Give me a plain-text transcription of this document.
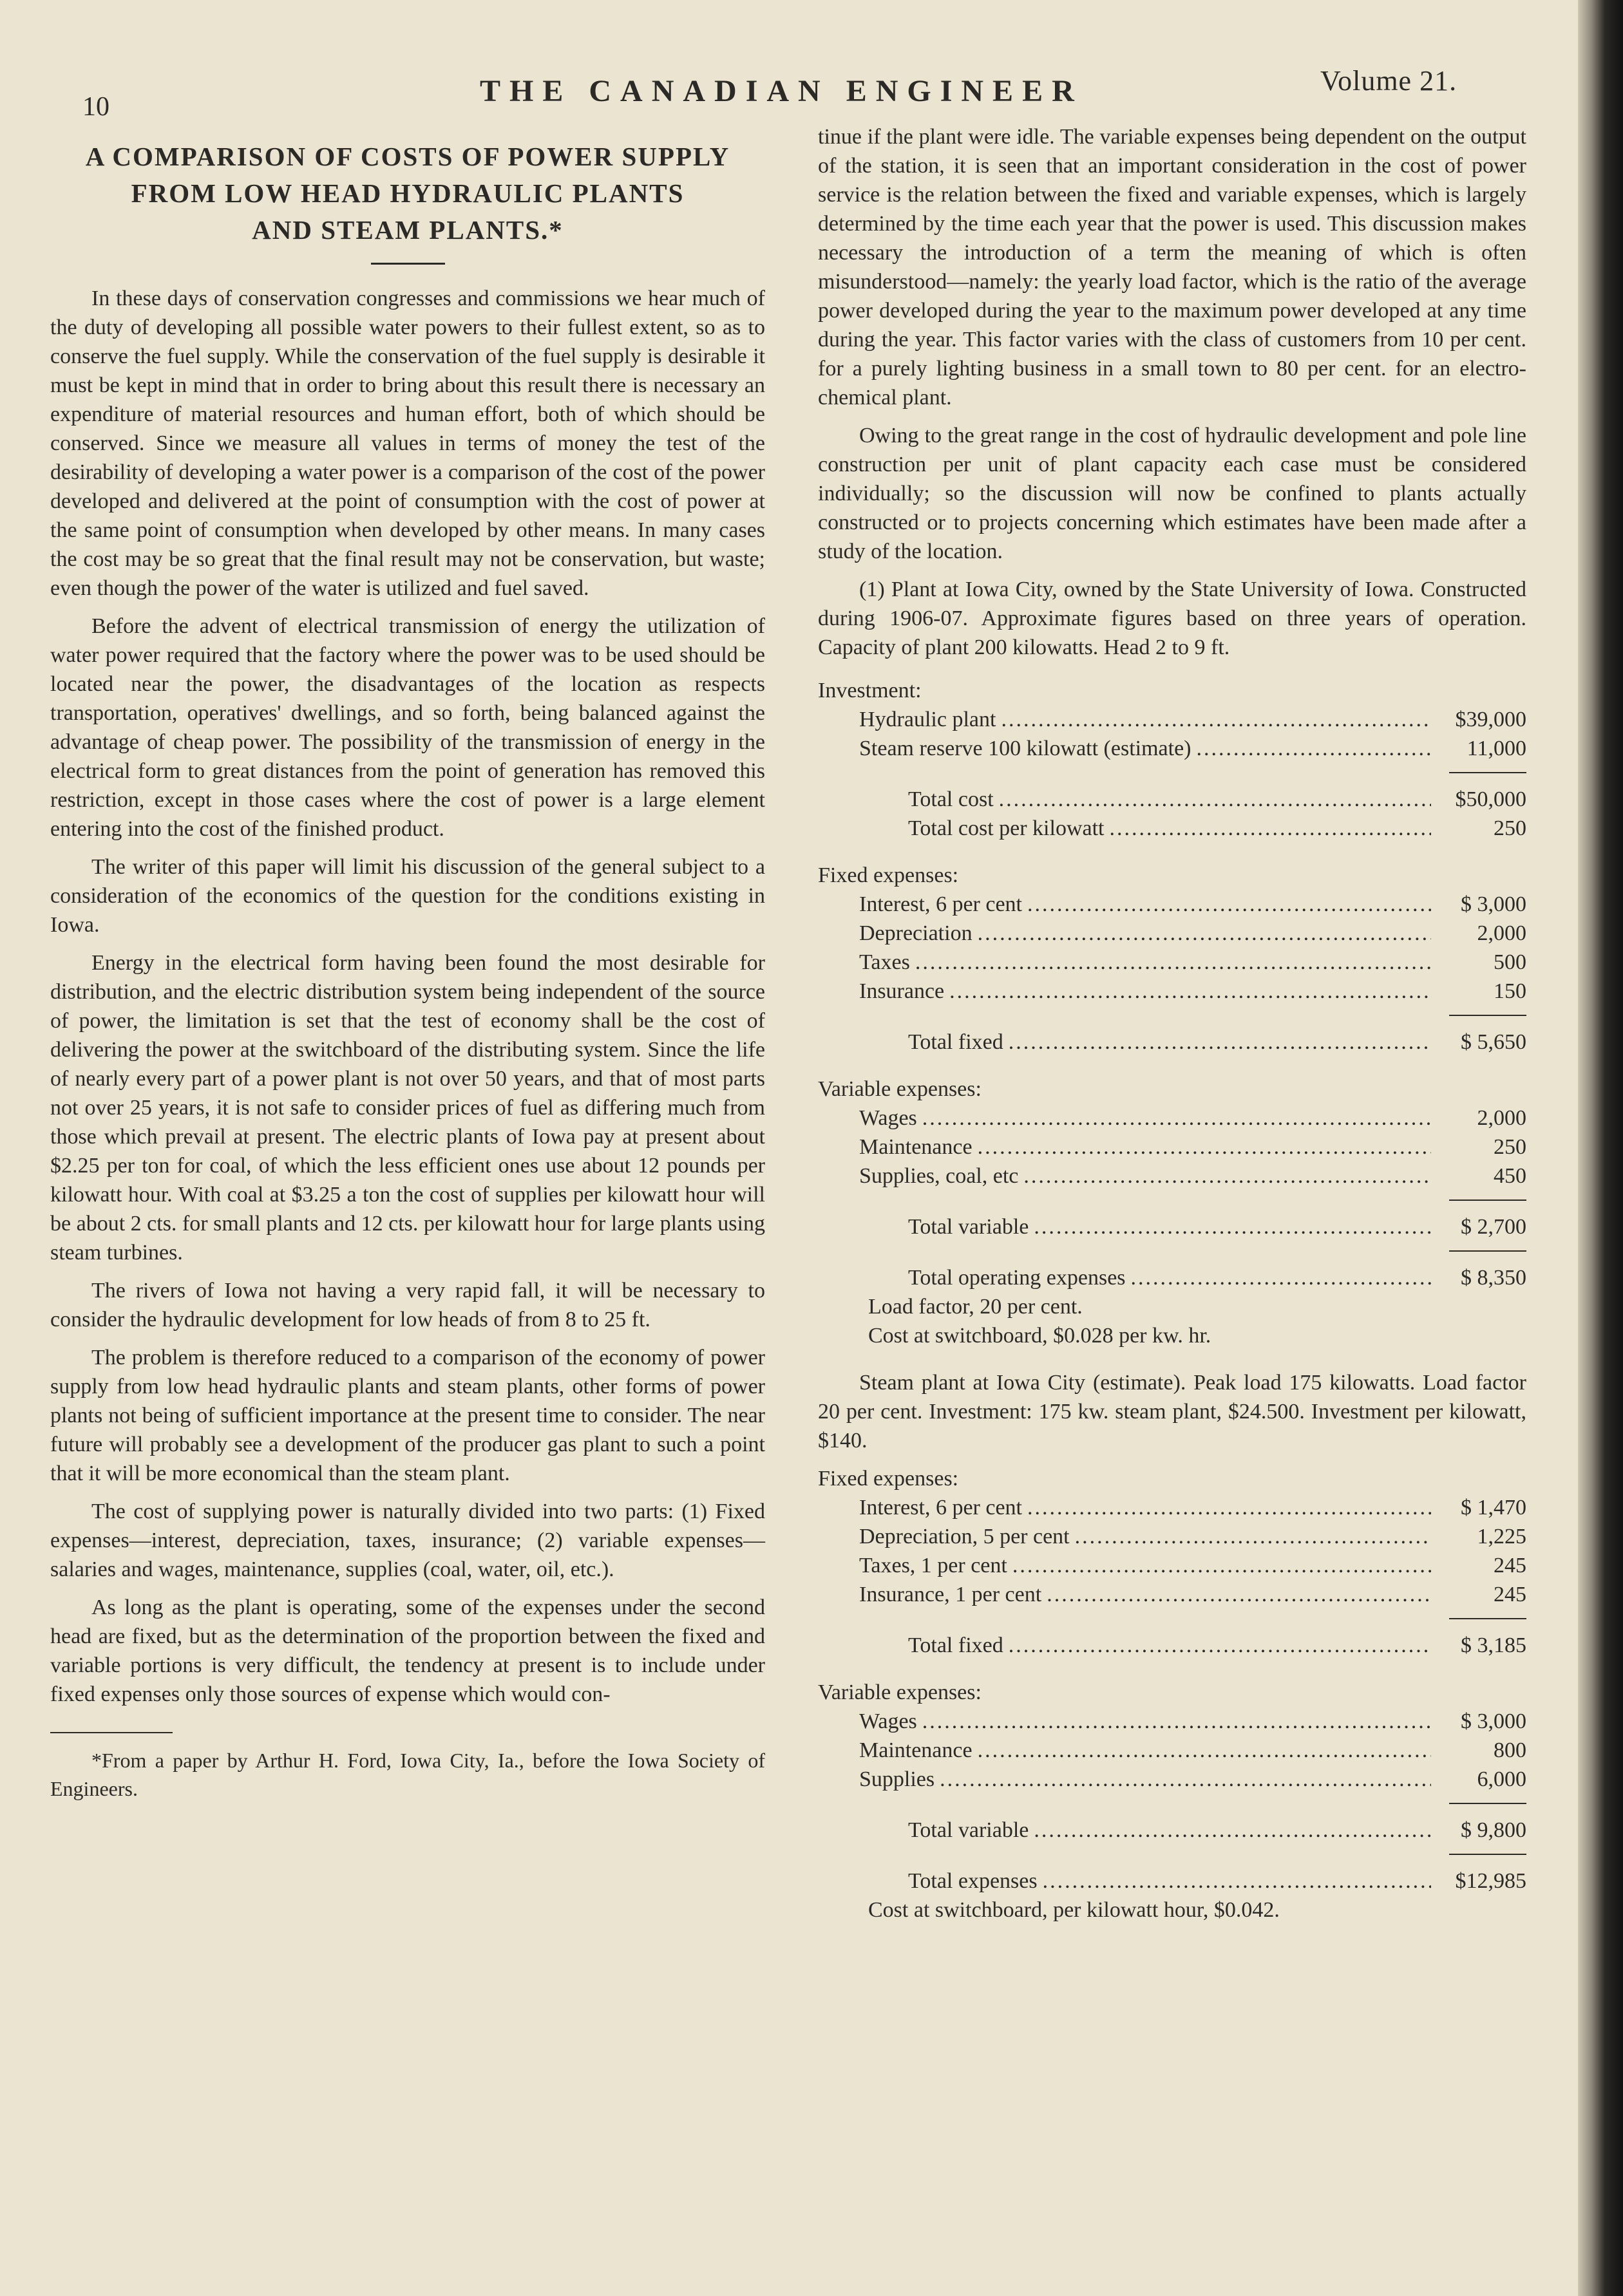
10	THE CANADIAN ENGINEER	Volume 21.
A COMPARISON OF COSTS OF POWER SUPPLY
FROM LOW HEAD HYDRAULIC PLANTS
AND STEAM PLANTS.*

In these days of conservation congresses and commissions we hear much of the duty of developing all possible water powers to their fullest extent, so as to conserve the fuel supply. While the conservation of the fuel supply is desirable it must be kept in mind that in order to bring about this result there is necessary an expenditure of material resources and human effort, both of which should be conserved. Since we measure all values in terms of money the test of the desirability of developing a water power is a comparison of the cost of the power developed and delivered at the point of consumption with the cost of power at the same point of consumption when developed by other means. In many cases the cost may be so great that the final result may not be conservation, but waste; even though the power of the water is utilized and fuel saved.

Before the advent of electrical transmission of energy the utilization of water power required that the factory where the power was to be used should be located near the power, the disadvantages of the location as respects transportation, operatives' dwellings, and so forth, being balanced against the advantage of cheap power. The possibility of the transmission of energy in the electrical form to great distances from the point of generation has removed this restriction, except in those cases where the cost of power is a large element entering into the cost of the finished product.

The writer of this paper will limit his discussion of the general subject to a consideration of the economics of the question for the conditions existing in Iowa.

Energy in the electrical form having been found the most desirable for distribution, and the electric distribution system being independent of the source of power, the limitation is set that the test of economy shall be the cost of delivering the power at the switchboard of the distributing system. Since the life of nearly every part of a power plant is not over 50 years, and that of most parts not over 25 years, it is not safe to consider prices of fuel as differing much from those which prevail at present. The electric plants of Iowa pay at present about $2.25 per ton for coal, of which the less efficient ones use about 12 pounds per kilowatt hour. With coal at $3.25 a ton the cost of supplies per kilowatt hour will be about 2 cts. for small plants and 12 cts. per kilowatt hour for large plants using steam turbines.

The rivers of Iowa not having a very rapid fall, it will be necessary to consider the hydraulic development for low heads of from 8 to 25 ft.

The problem is therefore reduced to a comparison of the economy of power supply from low head hydraulic plants and steam plants, other forms of power plants not being of sufficient importance at the present time to consider. The near future will probably see a development of the producer gas plant to such a point that it will be more economical than the steam plant.

The cost of supplying power is naturally divided into two parts: (1) Fixed expenses—interest, depreciation, taxes, insurance; (2) variable expenses—salaries and wages, maintenance, supplies (coal, water, oil, etc.).

As long as the plant is operating, some of the expenses under the second head are fixed, but as the determination of the proportion between the fixed and variable portions is very difficult, the tendency at present is to include under fixed expenses only those sources of expense which would con-

*From a paper by Arthur H. Ford, Iowa City, Ia., before the Iowa Society of Engineers.

tinue if the plant were idle. The variable expenses being dependent on the output of the station, it is seen that an important consideration in the cost of power service is the relation between the fixed and variable expenses, which is largely determined by the time each year that the power is used. This discussion makes necessary the introduction of a term the meaning of which is often misunderstood—namely: the yearly load factor, which is the ratio of the average power developed during the year to the maximum power developed at any time during the year. This factor varies with the class of customers from 10 per cent. for a purely lighting business in a small town to 80 per cent. for an electro-chemical plant.

Owing to the great range in the cost of hydraulic development and pole line construction per unit of plant capacity each case must be considered individually; so the discussion will now be confined to plants actually constructed or to projects concerning which estimates have been made after a study of the location.

(1) Plant at Iowa City, owned by the State University of Iowa. Constructed during 1906-07. Approximate figures based on three years of operation. Capacity of plant 200 kilowatts. Head 2 to 9 ft.

Investment:
Hydraulic plant .....	$39,000
Steam reserve 100 kilowatt (estimate) .....	11,000
Total cost .....	$50,000
Total cost per kilowatt .....	250
Fixed expenses:
Interest, 6 per cent .....	$ 3,000
Depreciation .....	2,000
Taxes .....	500
Insurance .....	150
Total fixed .....	$ 5,650
Variable expenses:
Wages .....	2,000
Maintenance .....	250
Supplies, coal, etc .....	450
Total variable .....	$ 2,700
Total operating expenses .....	$ 8,350
Load factor, 20 per cent.
Cost at switchboard, $0.028 per kw. hr.

Steam plant at Iowa City (estimate). Peak load 175 kilowatts. Load factor 20 per cent. Investment: 175 kw. steam plant, $24.500. Investment per kilowatt, $140.

Fixed expenses:
Interest, 6 per cent .....	$ 1,470
Depreciation, 5 per cent .....	1,225
Taxes, 1 per cent .....	245
Insurance, 1 per cent .....	245
Total fixed .....	$ 3,185
Variable expenses:
Wages .....	$ 3,000
Maintenance .....	800
Supplies .....	6,000
Total variable .....	$ 9,800
Total expenses .....	$12,985
Cost at switchboard, per kilowatt hour, $0.042.
